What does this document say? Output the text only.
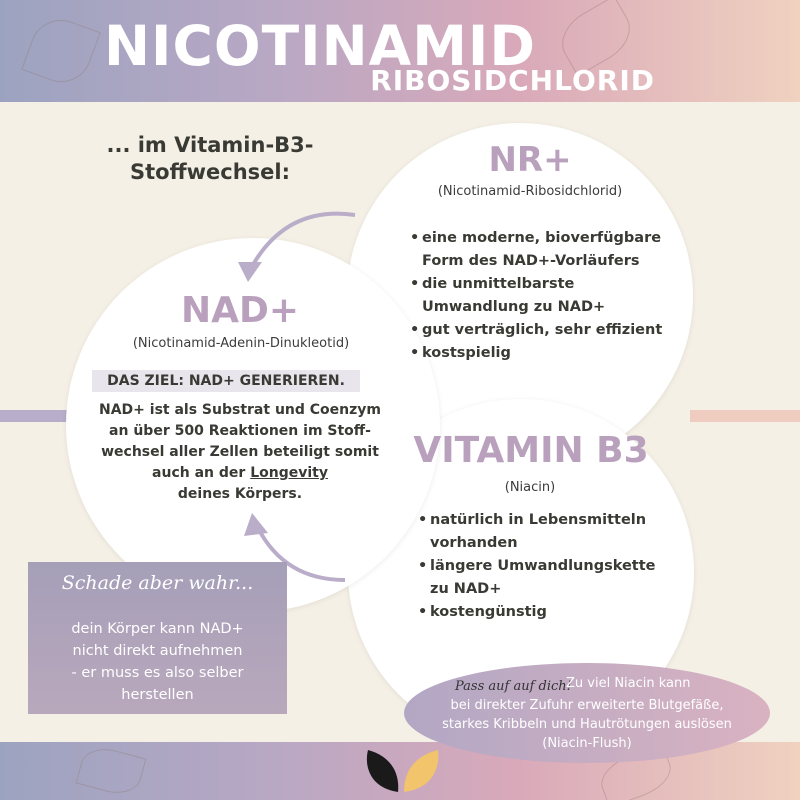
NICOTINAMID
RIBOSIDCHLORID
... im Vitamin-B3-
Stoffwechsel:	NR+
(Nicotinamid-Ribosidchlorid)
• eine moderne, bioverfügbare
Form des NAD+-Vorläufers
• die unmittelbarste
Umwandlung zu NAD+
• gut verträglich, sehr effizient
• kostspielig
NAD+
(Nicotinamid-Adenin-Dinukleotid)
DAS ZIEL: NAD+ GENERIEREN.
NAD+ ist als Substrat und Coenzym
an über 500 Reaktionen im Stoff-
wechsel aller Zellen beteiligt somit
auch an der Longevity
deines Körpers.
VITAMIN B3
(Niacin)
• natürlich in Lebensmitteln
vorhanden
• längere Umwandlungskette
zu NAD+
• kostengünstig
Schade aber wahr...
dein Körper kann NAD+
nicht direkt aufnehmen
- er muss es also selber
herstellen
Pass auf auf dich!
Zu viel Niacin kann
bei direkter Zufuhr erweiterte Blutgefäße,
starkes Kribbeln und Hautrötungen auslösen
(Niacin-Flush)
